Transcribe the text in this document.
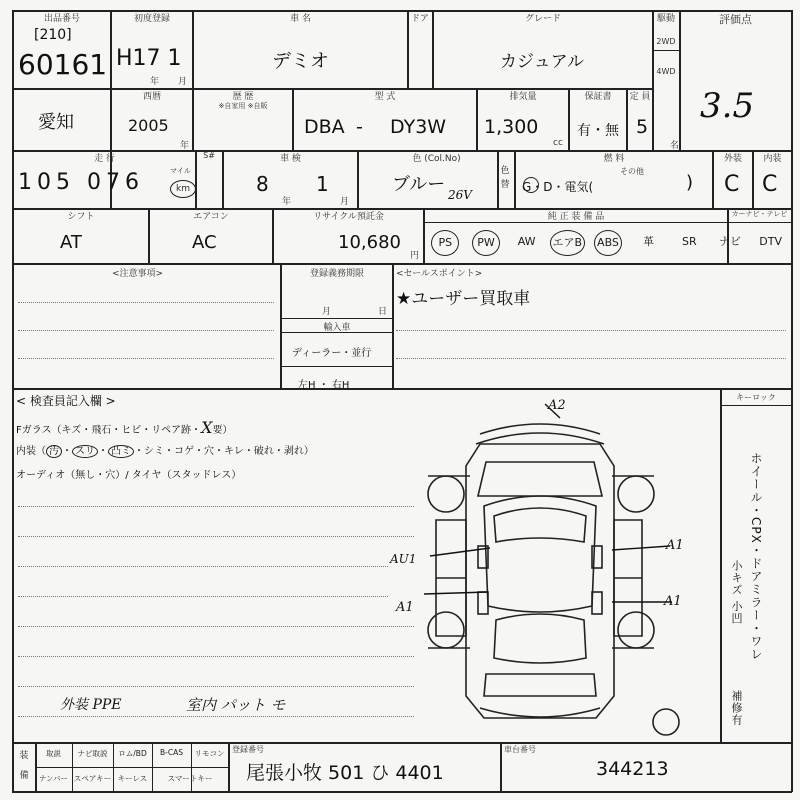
出品番号
[210]
60161
初度登録
H17 1
年 月
車 名
デミオ
ドア	グレード
カジュアル
駆動
2WD
4WD
評価点
3.5
愛知
西暦
2005
年
歴 歴
※自家用 ※自販
型 式
DBA - DY3W
排気量
1,300
cc
保証書
有・無
定 員
5
名
走 行
105 076	マイル
km
S#	車 検
8
年
1
月
色 (Col.No)
ブルー 26V
色替
燃 料
その他
G・D・電気(	)
外装
C
内装
C
シフト
AT
エアコン
AC
リサイクル預託金
10,680
円
純 正 装 備 品	カーナビ・テレビ
PS	PW	AW	エアB	ABS	革	SR	ナビ	DTV
<注意事項>	登録義務期限
月	日
輸入車
ディーラー・並行
左H ・ 右H
<セールスポイント>
★ユーザー買取車
< 検査員記入欄 >
Fガラス（キズ・飛石・ヒビ・リペア跡・X要）
内装（ 汚 ・ スリ ・ 凸ミ ・シミ・コゲ・穴・キレ・破れ・剥れ）
オーディオ（無し・穴）/ タイヤ（スタッドレス）
外装 PPE	室内 パット モ
キーロック
ホイール・CPX・ドアミラー・ワレ
小キズ 小凹
補修有
A2
AU1
A1
A1
A1
装 備
取説	ナビ取説	ロム/BD	B-CAS	リモコン
ナンバー スペアキー キーレス	スマートキー
登録番号
尾張小牧 501 ひ 4401
車台番号
344213
